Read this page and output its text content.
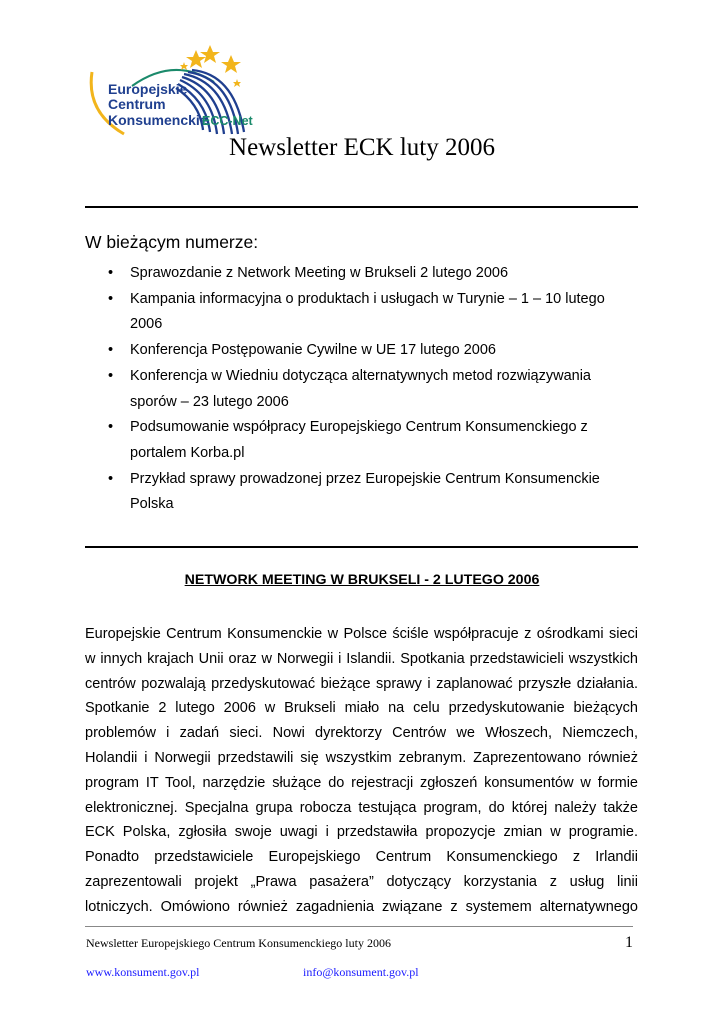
Europejskie
Centrum
Konsumenckie
ECC-Net
Newsletter ECK luty 2006
W bieżącym numerze:
• Sprawozdanie z Network Meeting w Brukseli 2 lutego 2006
• Kampania informacyjna o produktach i usługach w Turynie – 1 – 10 lutego 2006
• Konferencja Postępowanie Cywilne w UE 17 lutego 2006
• Konferencja w Wiedniu dotycząca alternatywnych metod rozwiązywania sporów – 23 lutego 2006
• Podsumowanie współpracy Europejskiego Centrum Konsumenckiego z portalem Korba.pl
• Przykład sprawy prowadzonej przez Europejskie Centrum Konsumenckie Polska
NETWORK MEETING W BRUKSELI - 2 LUTEGO 2006
Europejskie Centrum Konsumenckie w Polsce ściśle współpracuje z ośrodkami sieci
w innych krajach Unii oraz w Norwegii i Islandii. Spotkania przedstawicieli wszystkich
centrów pozwalają przedyskutować bieżące sprawy i zaplanować przyszłe działania.
Spotkanie 2 lutego 2006 w Brukseli miało na celu przedyskutowanie bieżących
problemów i zadań sieci. Nowi dyrektorzy Centrów we Włoszech, Niemczech,
Holandii i Norwegii przedstawili się wszystkim zebranym. Zaprezentowano również
program IT Tool, narzędzie służące do rejestracji zgłoszeń konsumentów w formie
elektronicznej. Specjalna grupa robocza testująca program, do której należy także
ECK Polska, zgłosiła swoje uwagi i przedstawiła propozycje zmian w programie.
Ponadto przedstawiciele Europejskiego Centrum Konsumenckiego z Irlandii
zaprezentowali projekt „Prawa pasażera” dotyczący korzystania z usług linii
lotniczych. Omówiono również zagadnienia związane z systemem alternatywnego
Newsletter Europejskiego Centrum Konsumenckiego luty 2006	1
www.konsument.gov.pl	info@konsument.gov.pl
